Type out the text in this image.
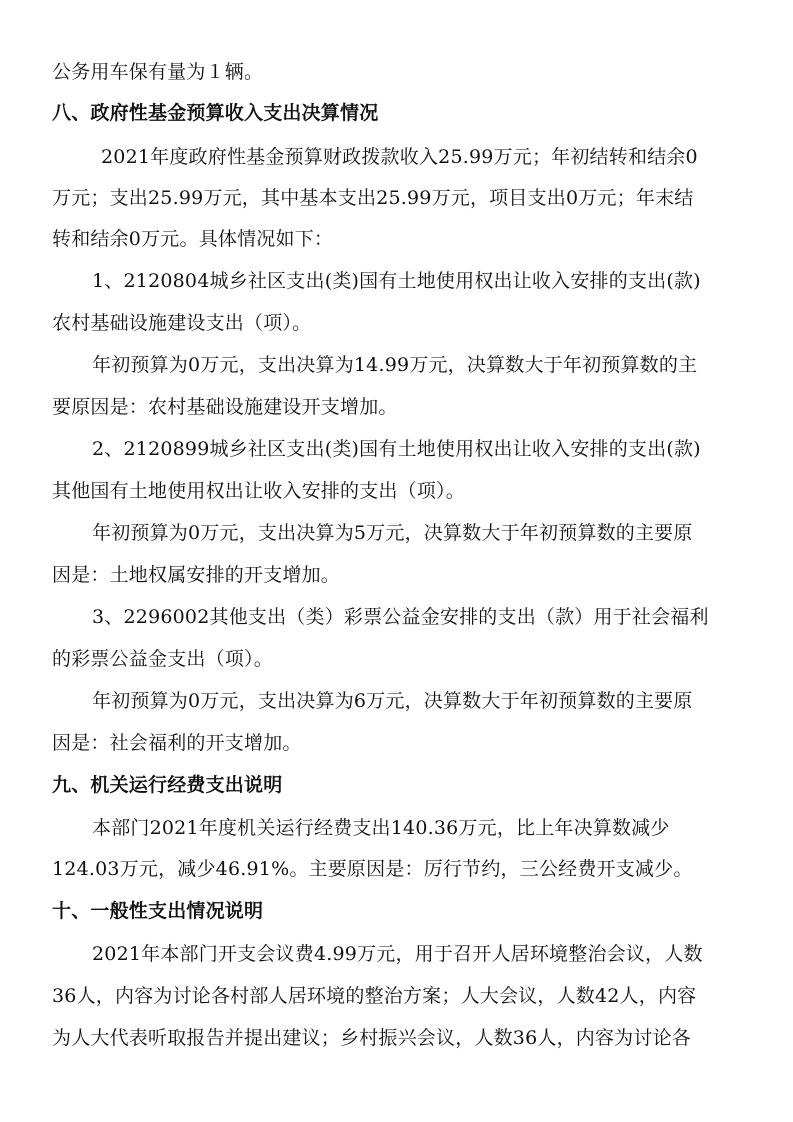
公务用车保有量为１辆。
八、政府性基金预算收入支出决算情况
2021年度政府性基金预算财政拨款收入25.99万元；年初结转和结余0
万元；支出25.99万元，其中基本支出25.99万元，项目支出0万元；年末结
转和结余0万元。具体情况如下：
1、2120804城乡社区支出(类)国有土地使用权出让收入安排的支出(款)
农村基础设施建设支出（项）。
年初预算为0万元，支出决算为14.99万元，决算数大于年初预算数的主
要原因是：农村基础设施建设开支增加。
2、2120899城乡社区支出(类)国有土地使用权出让收入安排的支出(款)
其他国有土地使用权出让收入安排的支出（项）。
年初预算为0万元，支出决算为5万元，决算数大于年初预算数的主要原
因是：土地权属安排的开支增加。
3、2296002其他支出（类）彩票公益金安排的支出（款）用于社会福利
的彩票公益金支出（项）。
年初预算为0万元，支出决算为6万元，决算数大于年初预算数的主要原
因是：社会福利的开支增加。
九、机关运行经费支出说明
本部门2021年度机关运行经费支出140.36万元，比上年决算数减少
124.03万元，减少46.91%。主要原因是：厉行节约，三公经费开支减少。
十、一般性支出情况说明
2021年本部门开支会议费4.99万元，用于召开人居环境整治会议，人数
36人，内容为讨论各村部人居环境的整治方案；人大会议，人数42人，内容
为人大代表听取报告并提出建议；乡村振兴会议，人数36人，内容为讨论各
